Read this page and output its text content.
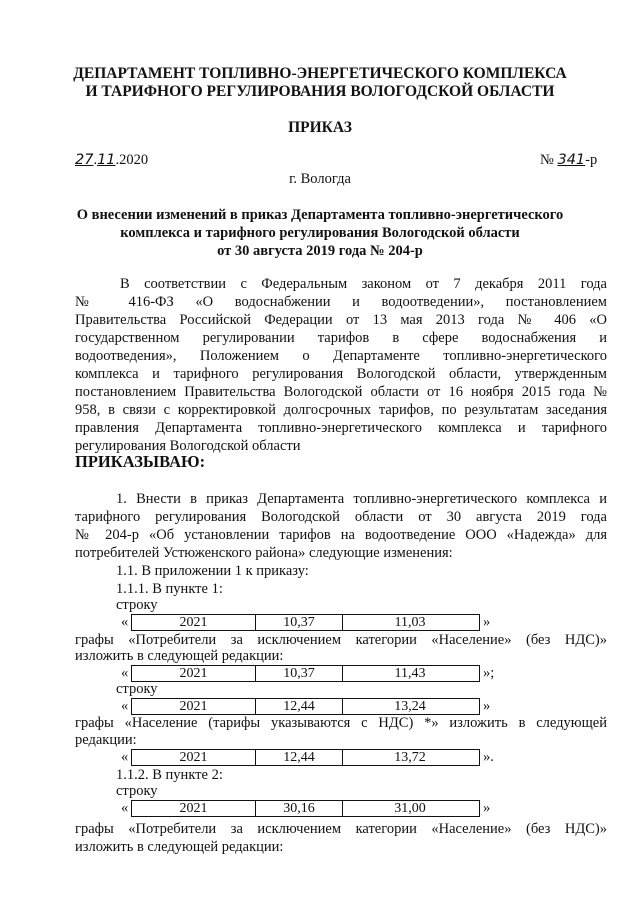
ДЕПАРТАМЕНТ ТОПЛИВНО-ЭНЕРГЕТИЧЕСКОГО КОМПЛЕКСА
И ТАРИФНОГО РЕГУЛИРОВАНИЯ ВОЛОГОДСКОЙ ОБЛАСТИ
ПРИКАЗ
27.11.2020	№ 341-р
г. Вологда
О внесении изменений в приказ Департамента топливно-энергетического
комплекса и тарифного регулирования Вологодской области
от 30 августа 2019 года № 204-р
В соответствии с Федеральным законом от 7 декабря 2011 года
№ 416-ФЗ «О водоснабжении и водоотведении», постановлением
Правительства Российской Федерации от 13 мая 2013 года № 406 «О
государственном регулировании тарифов в сфере водоснабжения и
водоотведения», Положением о Департаменте топливно-энергетического
комплекса и тарифного регулирования Вологодской области, утвержденным
постановлением Правительства Вологодской области от 16 ноября 2015 года №
958, в связи с корректировкой долгосрочных тарифов, по результатам заседания
правления Департамента топливно-энергетического комплекса и тарифного
регулирования Вологодской области
ПРИКАЗЫВАЮ:
1. Внести в приказ Департамента топливно-энергетического комплекса и
тарифного регулирования Вологодской области от 30 августа 2019 года
№ 204-р «Об установлении тарифов на водоотведение ООО «Надежда» для
потребителей Устюженского района» следующие изменения:
1.1. В приложении 1 к приказу:
1.1.1. В пункте 1:
строку
«	2021	10,37	11,03	»
графы «Потребители за исключением категории «Население» (без НДС)»
изложить в следующей редакции:
«	2021	10,37	11,43	»;
строку
«	2021	12,44	13,24	»
графы «Население (тарифы указываются с НДС) *» изложить в следующей
редакции:
«	2021	12,44	13,72	».
1.1.2. В пункте 2:
строку
«	2021	30,16	31,00	»
графы «Потребители за исключением категории «Население» (без НДС)»
изложить в следующей редакции:
